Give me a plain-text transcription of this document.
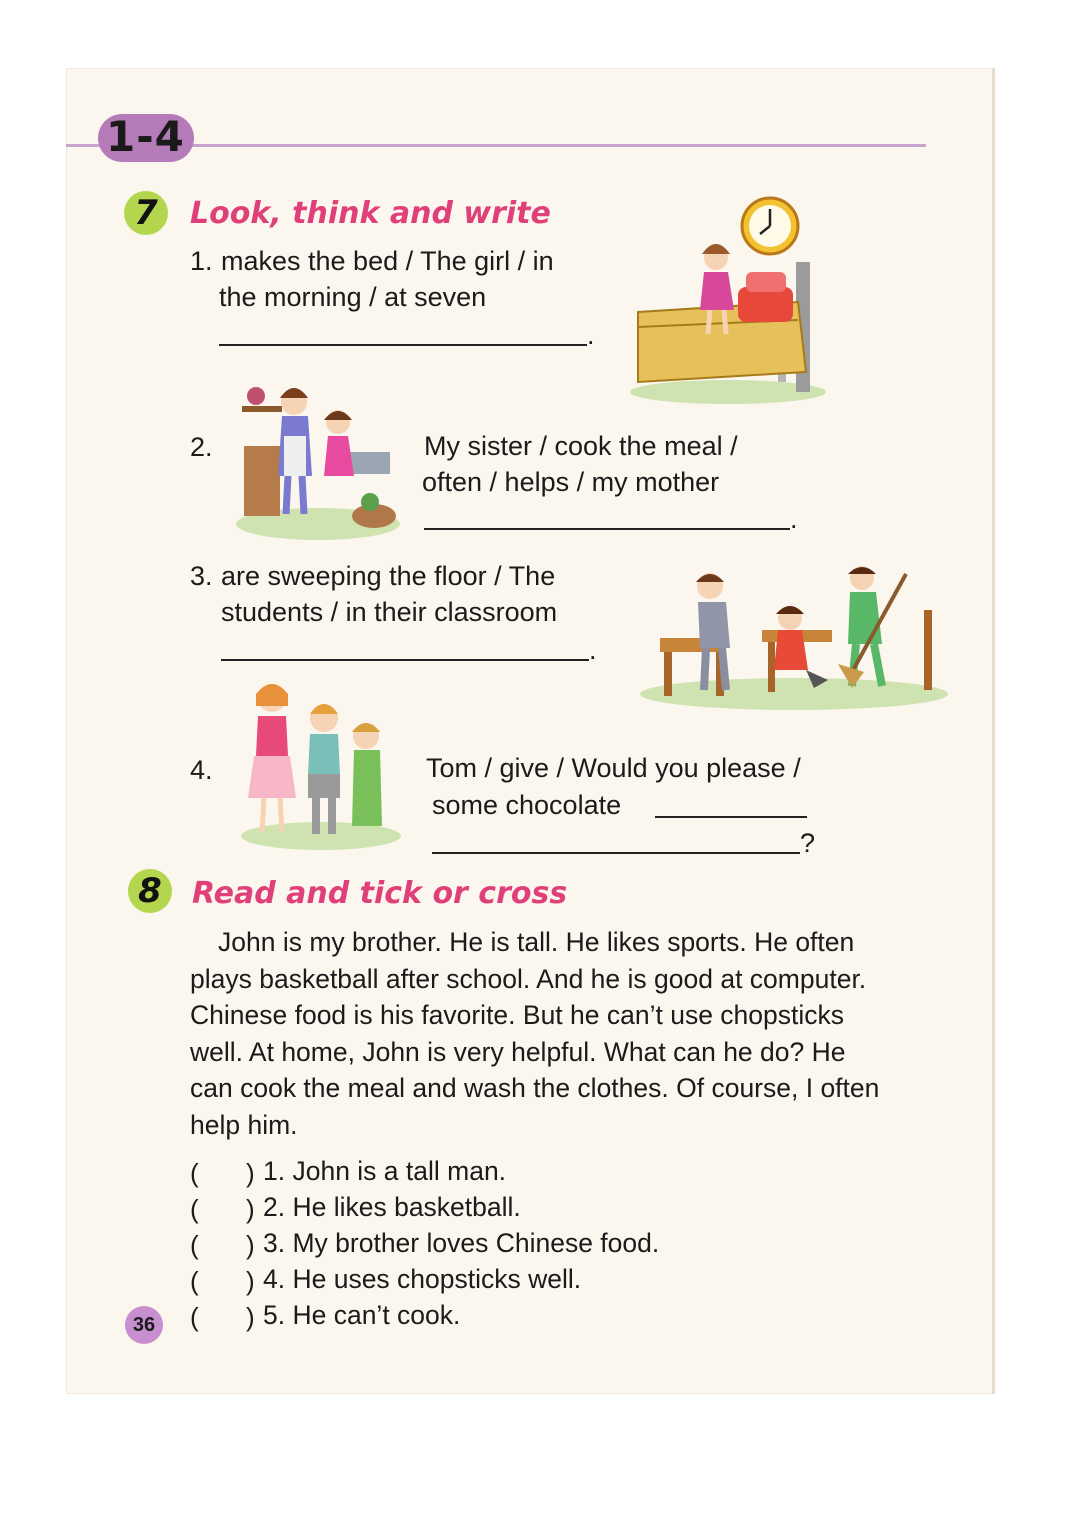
1-4
7	Look, think and write
1. makes the bed / The girl / in
the morning / at seven
.
2.	My sister / cook the meal /
often / helps / my mother
.
3. are sweeping the floor / The
students / in their classroom
.
4.	Tom / give / Would you please /
some chocolate
?
8	Read and tick or cross
John is my brother. He is tall. He likes sports. He often
plays basketball after school. And he is good at computer.
Chinese food is his favorite. But he can’t use chopsticks
well. At home, John is very helpful. What can he do? He
can cook the meal and wash the clothes. Of course, I often
help him.
( ) 1. John is a tall man.
( ) 2. He likes basketball.
( ) 3. My brother loves Chinese food.
( ) 4. He uses chopsticks well.
( ) 5. He can’t cook.
36
